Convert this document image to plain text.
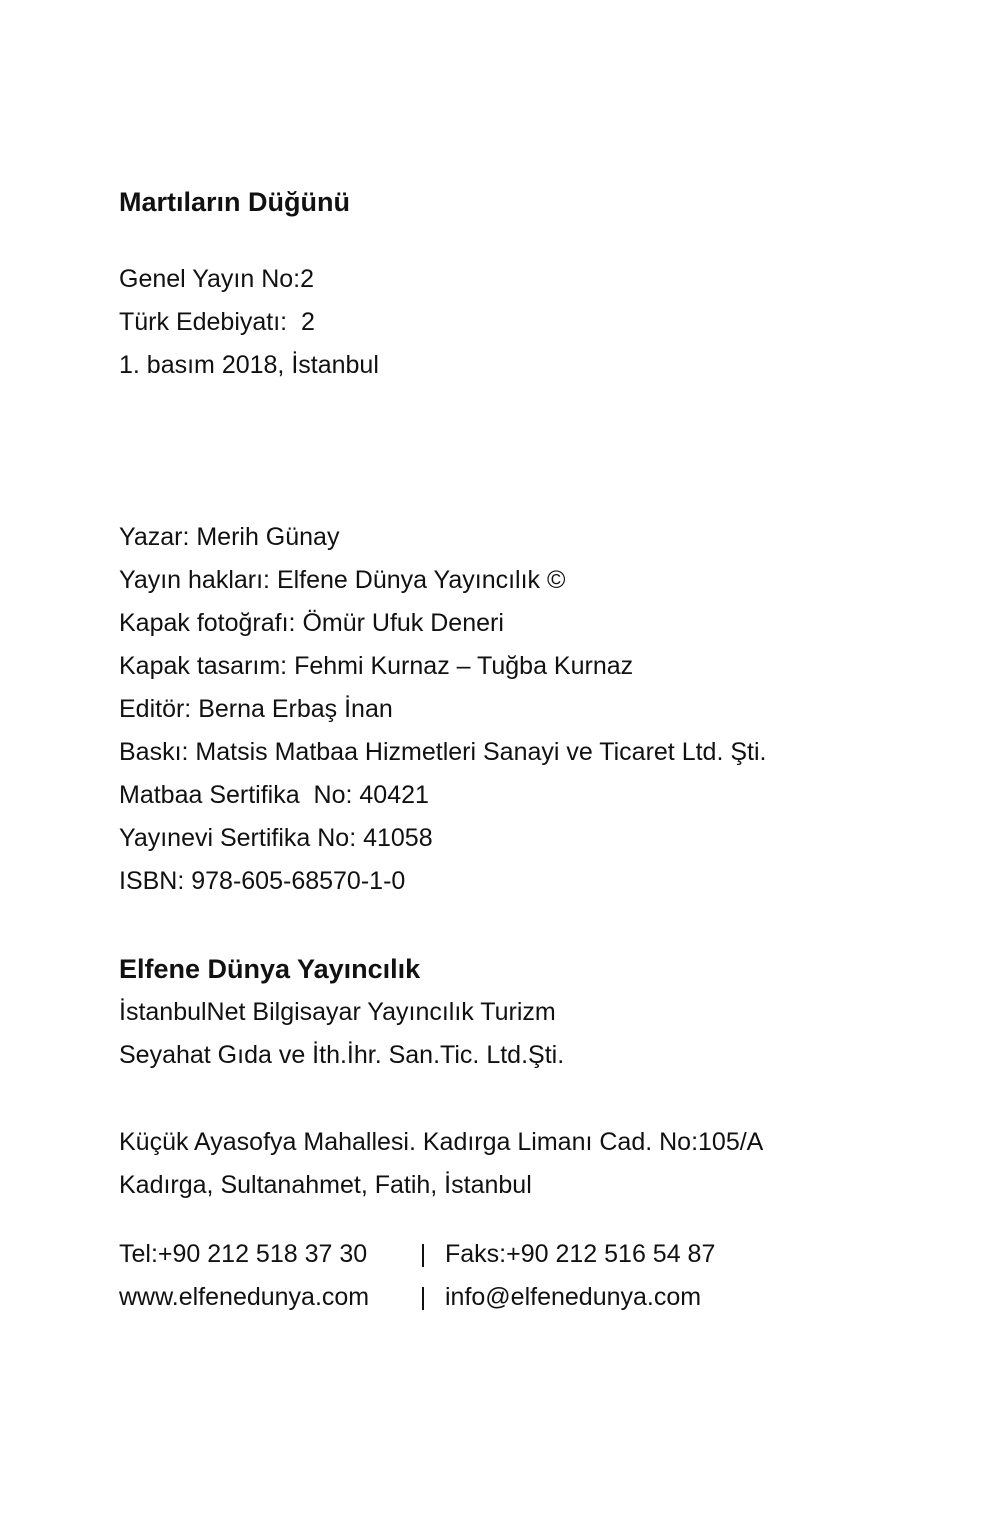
Martıların Düğünü

Genel Yayın No:2

Türk Edebiyatı:  2

1. basım 2018, İstanbul

Yazar: Merih Günay

Yayın hakları: Elfene Dünya Yayıncılık ©

Kapak fotoğrafı: Ömür Ufuk Deneri

Kapak tasarım: Fehmi Kurnaz – Tuğba Kurnaz

Editör: Berna Erbaş İnan

Baskı: Matsis Matbaa Hizmetleri Sanayi ve Ticaret Ltd. Şti.

Matbaa Sertifika  No: 40421

Yayınevi Sertifika No: 41058

ISBN: 978-605-68570-1-0

Elfene Dünya Yayıncılık

İstanbulNet Bilgisayar Yayıncılık Turizm

Seyahat Gıda ve İth.İhr. San.Tic. Ltd.Şti.

Küçük Ayasofya Mahallesi. Kadırga Limanı Cad. No:105/A

Kadırga, Sultanahmet, Fatih, İstanbul

Tel:+90 212 518 37 30 | Faks:+90 212 516 54 87

www.elfenedunya.com | info@elfenedunya.com
